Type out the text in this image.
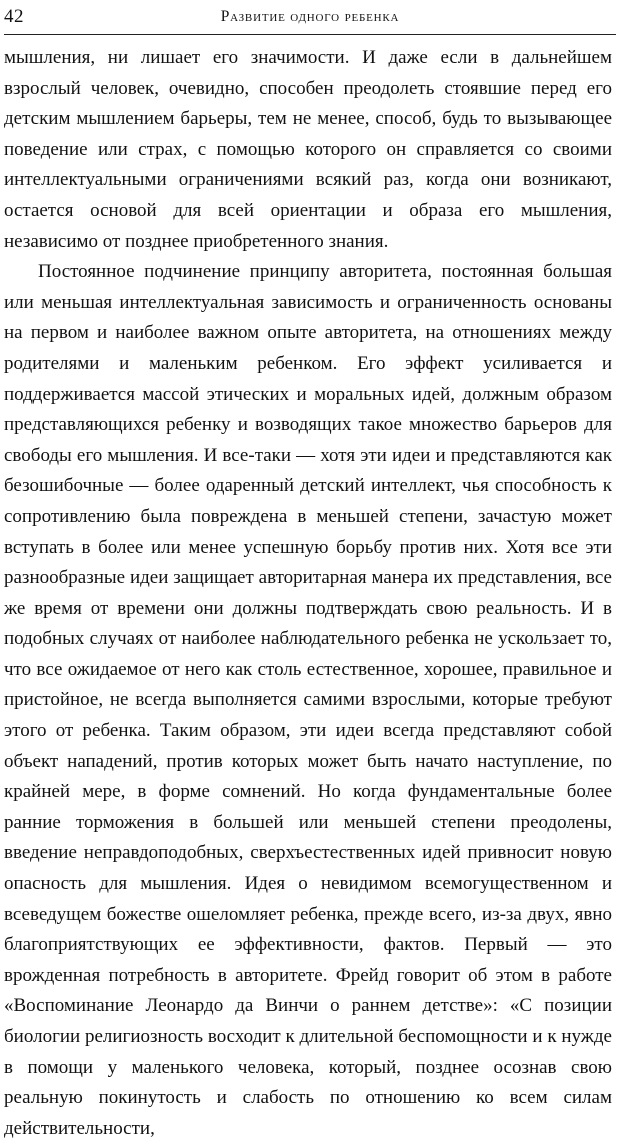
42	Развитие одного ребенка

мышления, ни лишает его значимости. И даже если в дальнейшем взрослый человек, очевидно, способен преодолеть стоявшие перед его детским мышлением барьеры, тем не менее, способ, будь то вызывающее поведение или страх, с помощью которого он справляется со своими интеллектуальными ограничениями всякий раз, когда они возникают, остается основой для всей ориентации и образа его мышления, независимо от позднее приобретенного знания.

Постоянное подчинение принципу авторитета, постоянная большая или меньшая интеллектуальная зависимость и ограниченность основаны на первом и наиболее важном опыте авторитета, на отношениях между родителями и маленьким ребенком. Его эффект усиливается и поддерживается массой этических и моральных идей, должным образом представляющихся ребенку и возводящих такое множество барьеров для свободы его мышления. И все-таки — хотя эти идеи и представляются как безошибочные — более одаренный детский интеллект, чья способность к сопротивлению была повреждена в меньшей степени, зачастую может вступать в более или менее успешную борьбу против них. Хотя все эти разнообразные идеи защищает авторитарная манера их представления, все же время от времени они должны подтверждать свою реальность. И в подобных случаях от наиболее наблюдательного ребенка не ускользает то, что все ожидаемое от него как столь естественное, хорошее, правильное и пристойное, не всегда выполняется самими взрослыми, которые требуют этого от ребенка. Таким образом, эти идеи всегда представляют собой объект нападений, против которых может быть начато наступление, по крайней мере, в форме сомнений. Но когда фундаментальные более ранние торможения в большей или меньшей степени преодолены, введение неправдоподобных, сверхъестественных идей привносит новую опасность для мышления. Идея о невидимом всемогущественном и всеведущем божестве ошеломляет ребенка, прежде всего, из-за двух, явно благоприятствующих ее эффективности, фактов. Первый — это врожденная потребность в авторитете. Фрейд говорит об этом в работе «Воспоминание Леонардо да Винчи о раннем детстве»: «С позиции биологии религиозность восходит к длительной беспомощности и к нужде в помощи у маленького человека, который, позднее осознав свою реальную покинутость и слабость по отношению ко всем силам действительности,
